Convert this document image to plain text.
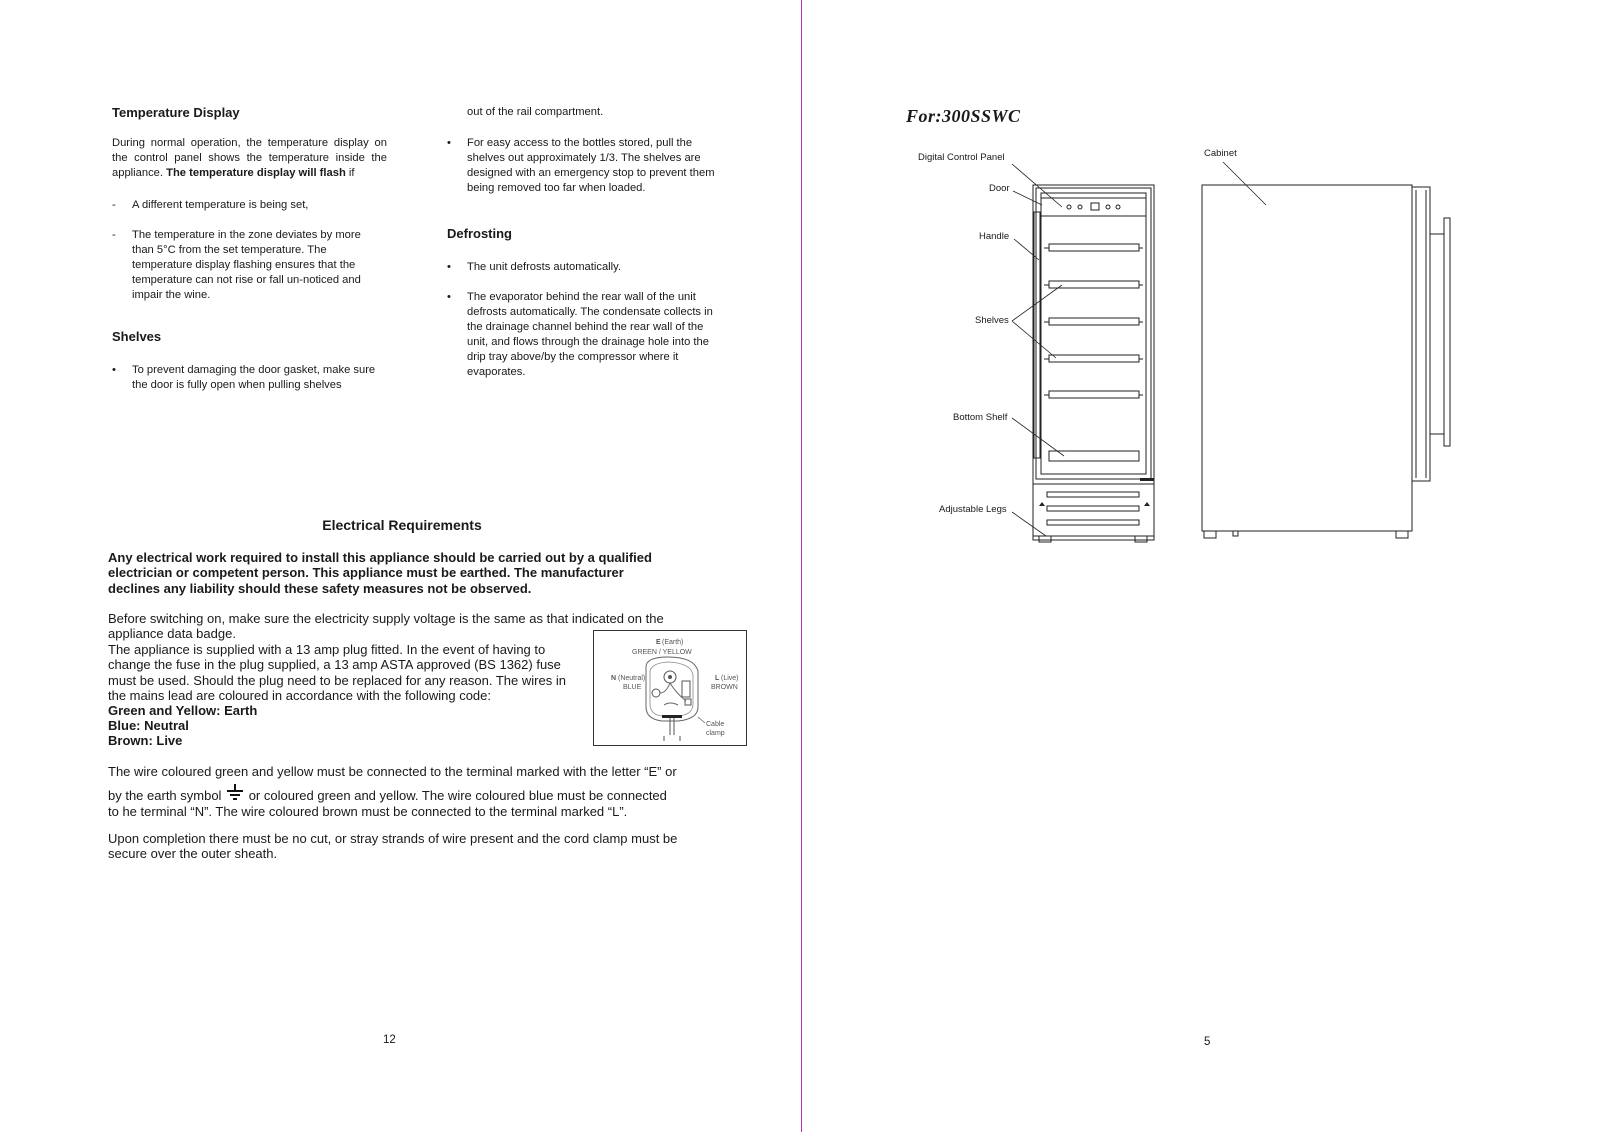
Temperature Display
During normal operation, the temperature display on the control panel shows the temperature inside the appliance. The temperature display will flash if
- A different temperature is being set,
- The temperature in the zone deviates by more than 5°C from the set temperature. The temperature display flashing ensures that the temperature can not rise or fall un-noticed and impair the wine.
Shelves
• To prevent damaging the door gasket, make sure the door is fully open when pulling shelves
out of the rail compartment.
• For easy access to the bottles stored, pull the shelves out approximately 1/3. The shelves are designed with an emergency stop to prevent them being removed too far when loaded.
Defrosting
• The unit defrosts automatically.
• The evaporator behind the rear wall of the unit defrosts automatically. The condensate collects in the drainage channel behind the rear wall of the unit, and flows through the drainage hole into the drip tray above/by the compressor where it evaporates.
Electrical Requirements
Any electrical work required to install this appliance should be carried out by a qualified electrician or competent person. This appliance must be earthed. The manufacturer declines any liability should these safety measures not be observed.
Before switching on, make sure the electricity supply voltage is the same as that indicated on the appliance data badge.
The appliance is supplied with a 13 amp plug fitted. In the event of having to change the fuse in the plug supplied, a 13 amp ASTA approved (BS 1362) fuse must be used. Should the plug need to be replaced for any reason. The wires in the mains lead are coloured in accordance with the following code:
Green and Yellow: Earth
Blue: Neutral
Brown: Live
E (Earth)
GREEN / YELLOW
N (Neutral)
BLUE
L (Live)
BROWN
Cable
clamp
The wire coloured green and yellow must be connected to the terminal marked with the letter “E” or
by the earth symbol or coloured green and yellow. The wire coloured blue must be connected
to he terminal “N”. The wire coloured brown must be connected to the terminal marked “L”.
Upon completion there must be no cut, or stray strands of wire present and the cord clamp must be secure over the outer sheath.
12
For:300SSWC
Digital Control Panel
Door
Handle
Shelves
Bottom Shelf
Adjustable Legs
Cabinet
5
